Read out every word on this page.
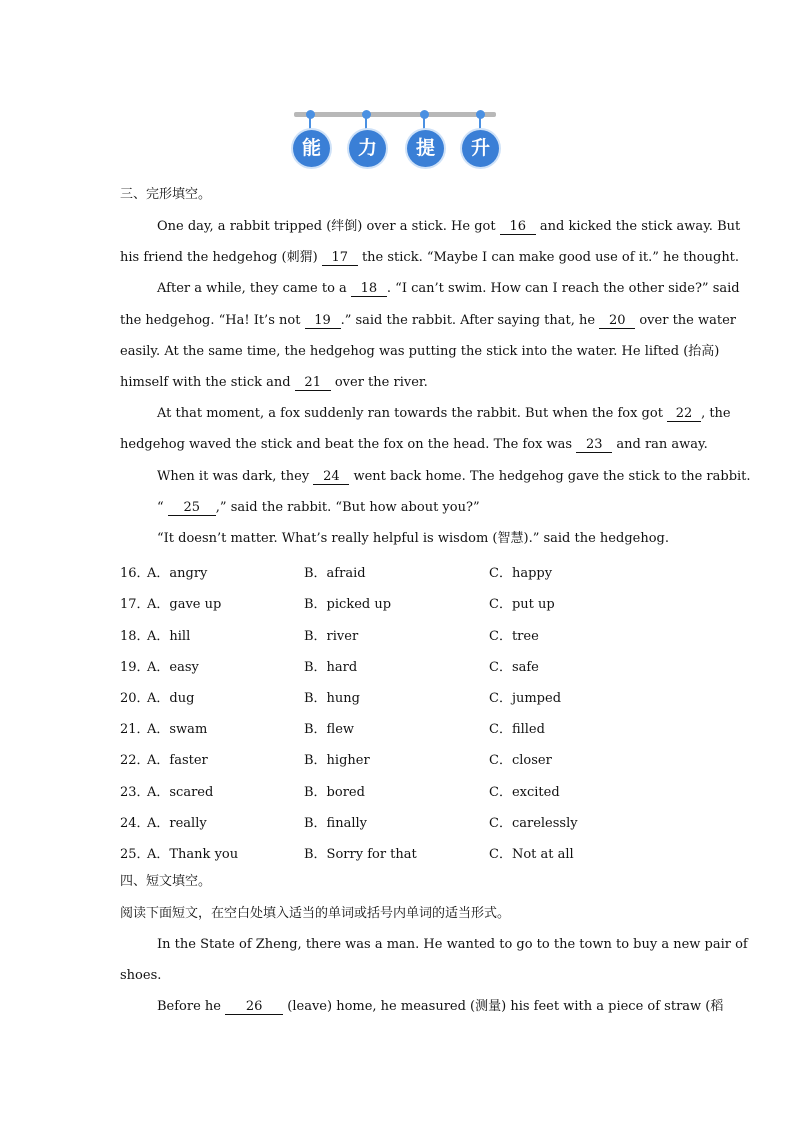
能	力	提	升
三、完形填空。
One day, a rabbit tripped (绊倒) over a stick. He got 16 and kicked the stick away. But
his friend the hedgehog (刺猬) 17 the stick. “Maybe I can make good use of it.” he thought.
After a while, they came to a 18 . “I can’t swim. How can I reach the other side?” said
the hedgehog. “Ha! It’s not 19 .” said the rabbit. After saying that, he 20 over the water
easily. At the same time, the hedgehog was putting the stick into the water. He lifted (抬高)
himself with the stick and 21 over the river.
At that moment, a fox suddenly ran towards the rabbit. But when the fox got 22 , the
hedgehog waved the stick and beat the fox on the head. The fox was 23 and ran away.
When it was dark, they 24 went back home. The hedgehog gave the stick to the rabbit.
“ 25 ,” said the rabbit. “But how about you?”
“It doesn’t matter. What’s really helpful is wisdom (智慧).” said the hedgehog.
16．
A．angry	B．afraid	C．happy
17．
A．gave up	B．picked up	C．put up
18．
A．hill	B．river	C．tree
19．
A．easy	B．hard	C．safe
20．
A．dug	B．hung	C．jumped
21．
A．swam	B．flew	C．filled
22．
A．faster	B．higher	C．closer
23．
A．scared	B．bored	C．excited
24．
A．really	B．finally	C．carelessly
25．
A．Thank you	B．Sorry for that	C．Not at all
四、短文填空。
阅读下面短文，在空白处填入适当的单词或括号内单词的适当形式。
In the State of Zheng, there was a man. He wanted to go to the town to buy a new pair of
shoes.
Before he 26 (leave) home, he measured (测量) his feet with a piece of straw (稻
